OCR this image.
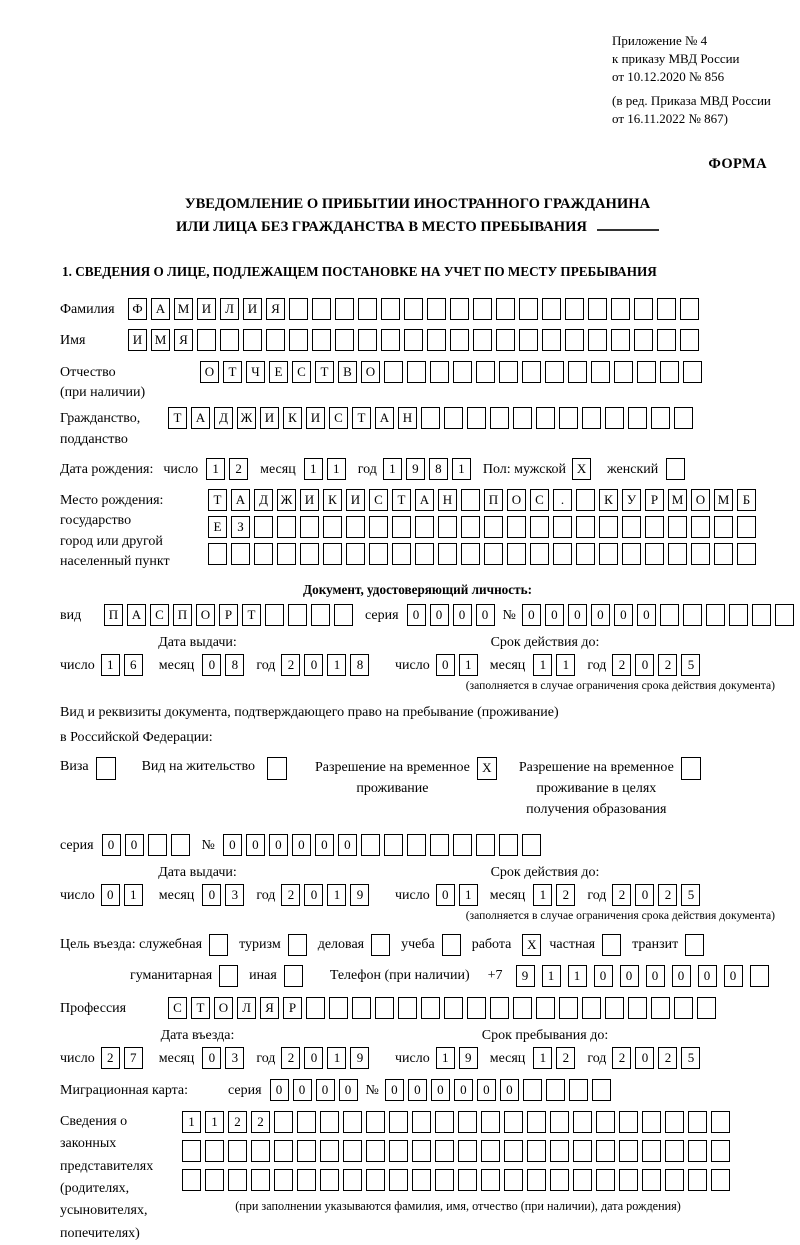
Приложение № 4
к приказу МВД России
от 10.12.2020 № 856
(в ред. Приказа МВД России
от 16.11.2022 № 867)
ФОРМА
УВЕДОМЛЕНИЕ О ПРИБЫТИИ ИНОСТРАННОГО ГРАЖДАНИНА
ИЛИ ЛИЦА БЕЗ ГРАЖДАНСТВА В МЕСТО ПРЕБЫВАНИЯ
1. СВЕДЕНИЯ О ЛИЦЕ, ПОДЛЕЖАЩЕМ ПОСТАНОВКЕ НА УЧЕТ ПО МЕСТУ ПРЕБЫВАНИЯ
Фамилия	Ф	А М И	Л	И	Я
Имя	И М Я
Отчество
(при наличии)
О	Т	Ч	Е	С	Т	В	О
Гражданство,
подданство
Т	А	Д Ж И	К	И	С	Т	А	Н
Дата рождения: число	1	2	месяц	1	1	год 1	9	8	1	Пол: мужской X	женский
Место рождения:
государство
город или другой
населенный пункт
Т	А	Д Ж И	К	И	С	Т	А	Н	П	О	С	.	К	У	Р	М О М	Б
Е	З
Документ, удостоверяющий личность:
вид	П	А	С	П	О	Р	Т	серия	0	0	0	0	№ 0	0	0	0	0	0
Дата выдачи:
число 1	6	месяц	0	8	год 2	0	1	8
Срок действия до:
число 0	1	месяц	1	1	год 2	0	2	5
(заполняется в случае ограничения срока действия документа)
Вид и реквизиты документа, подтверждающего право на пребывание (проживание)
в Российской Федерации:
Виза	Вид на жительство	Разрешение на временное
проживание
X	Разрешение на временное
проживание в целях
получения образования
серия	0	0	№	0	0	0	0	0	0
Дата выдачи:
число 0	1	месяц	0	3	год 2	0	1	9
Срок действия до:
число 0	1	месяц	1	2	год 2	0	2	5
(заполняется в случае ограничения срока действия документа)
Цель въезда: служебная	туризм	деловая	учеба	работа	X частная	транзит
гуманитарная	иная	Телефон (при наличии) +7	9	1	1	0	0	0	0	0	0
Профессия	С	Т	О	Л	Я	Р
Дата въезда:
число 2	7	месяц	0	3	год 2	0	1	9
Срок пребывания до:
число 1	9	месяц	1	2	год 2	0	2	5
Миграционная карта:	серия	0	0	0	0	№ 0	0	0	0	0	0
Сведения о
законных
представителях
(родителях,
усыновителях,
попечителях)
1	1	2	2
(при заполнении указываются фамилия, имя, отчество (при наличии), дата рождения)
